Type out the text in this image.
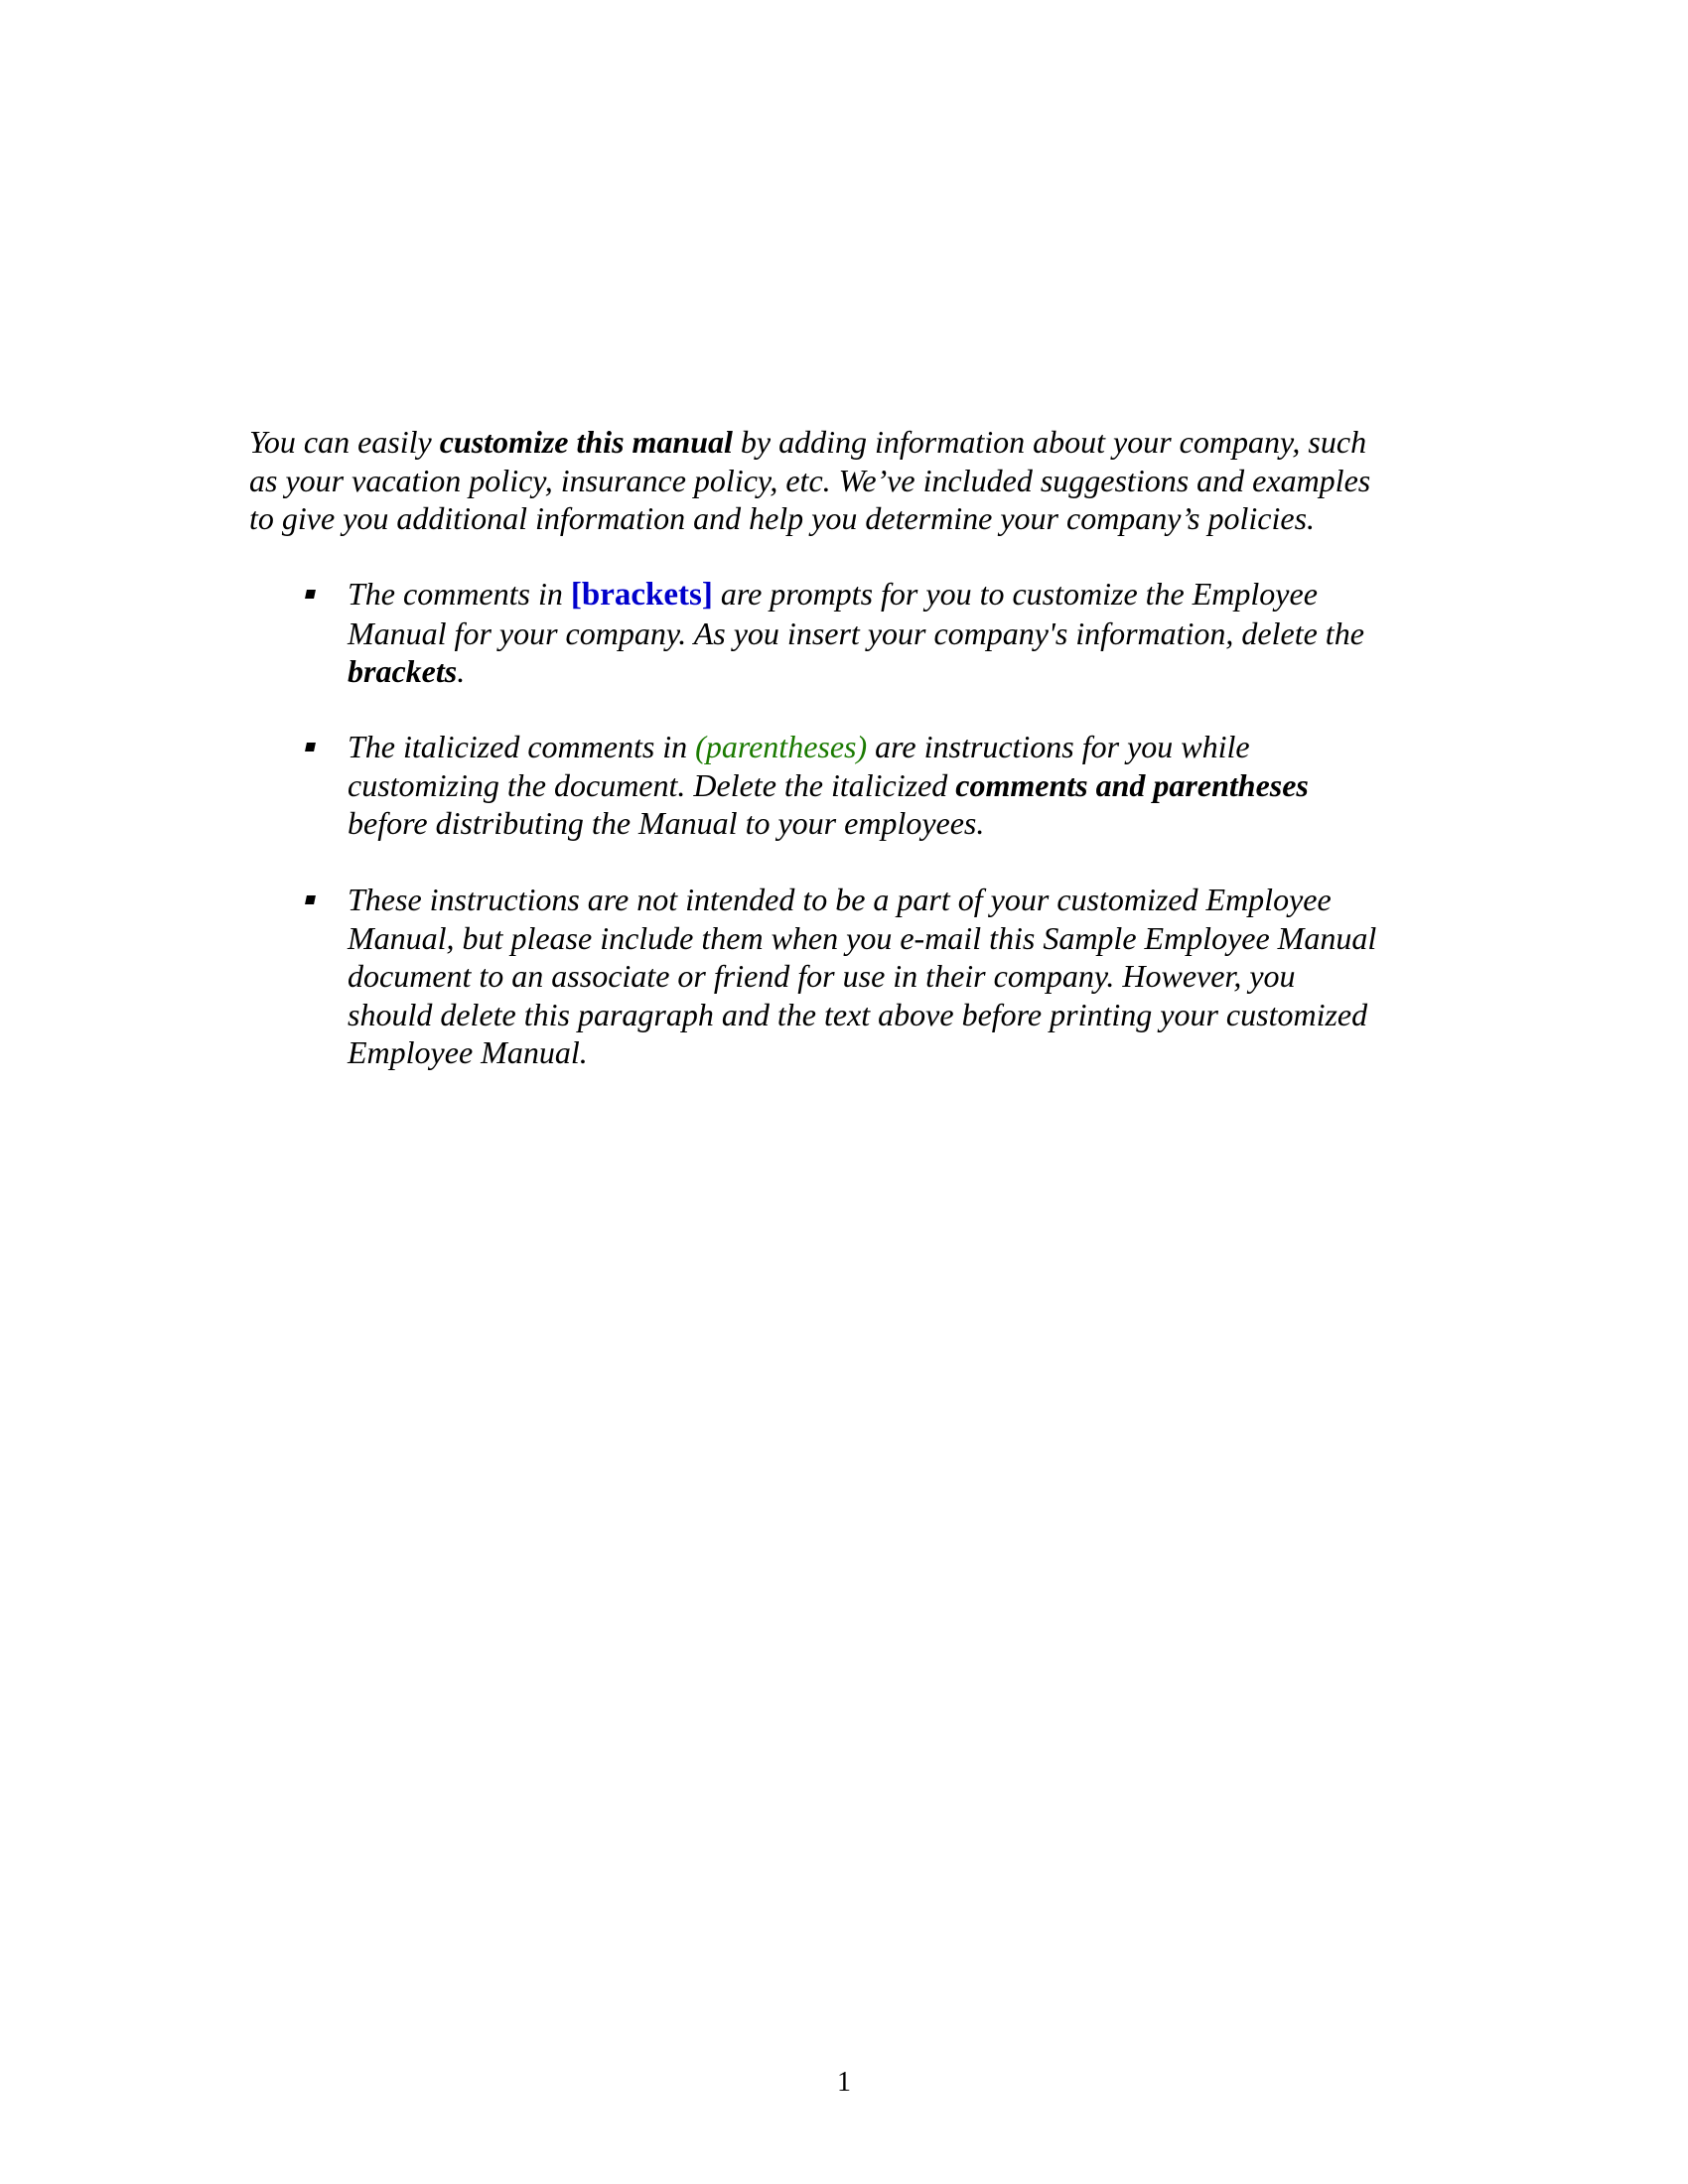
You can easily customize this manual by adding information about your company, such
as your vacation policy, insurance policy, etc. We’ve included suggestions and examples
to give you additional information and help you determine your company’s policies.

The comments in [brackets] are prompts for you to customize the Employee
Manual for your company. As you insert your company's information, delete the
brackets.
The italicized comments in (parentheses) are instructions for you while
customizing the document. Delete the italicized comments and parentheses
before distributing the Manual to your employees.
These instructions are not intended to be a part of your customized Employee
Manual, but please include them when you e-mail this Sample Employee Manual
document to an associate or friend for use in their company. However, you
should delete this paragraph and the text above before printing your customized
Employee Manual.
1
